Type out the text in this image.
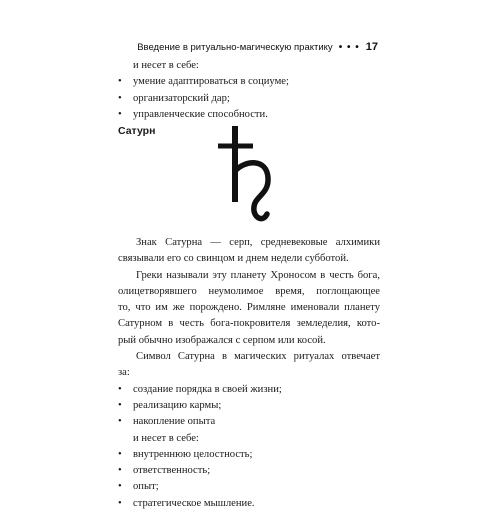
Введение в ритуально-магическую практику • • • 17
и несет в себе:
•	умение адаптироваться в социуме;
•	организаторский дар;
•	управленческие способности.
Сатурн
Знак Сатурна — серп, средневековые алхимики
связывали его со свинцом и днем недели субботой.
Греки называли эту планету Хроносом в честь бога,
олицетворявшего неумолимое время, поглощающее
то, что им же порождено. Римляне именовали планету
Сатурном в честь бога-покровителя земледелия, кото-
рый обычно изображался с серпом или косой.
Символ Сатурна в магических ритуалах отвечает
за:
•	создание порядка в своей жизни;
•	реализацию кармы;
•	накопление опыта
и несет в себе:
•	внутреннюю целостность;
•	ответственность;
•	опыт;
•	стратегическое мышление.
